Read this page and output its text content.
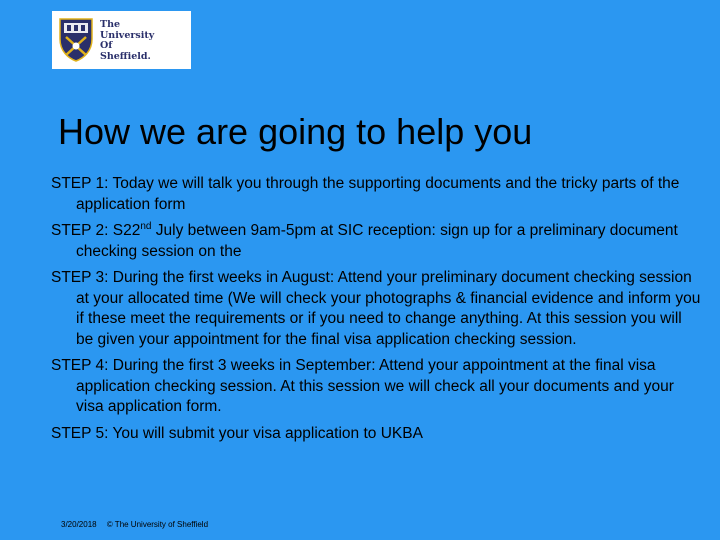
The
University
Of
Sheffield.
How we are going to help you
STEP 1: Today we will talk you through the supporting documents and the tricky parts of the application form
STEP 2: S22nd July between 9am-5pm at SIC reception: sign up for a preliminary document checking session on the
STEP 3: During the first weeks in August: Attend your preliminary document checking session at your allocated time (We will check your photographs & financial evidence and inform you if these meet the requirements or if you need to change anything. At this session you will be given your appointment for the final visa application checking session.
STEP 4: During the first 3 weeks in September: Attend your appointment at the final visa application checking session. At this session we will check all your documents and your visa application form.
STEP 5: You will submit your visa application to UKBA
3/20/2018 © The University of Sheffield
